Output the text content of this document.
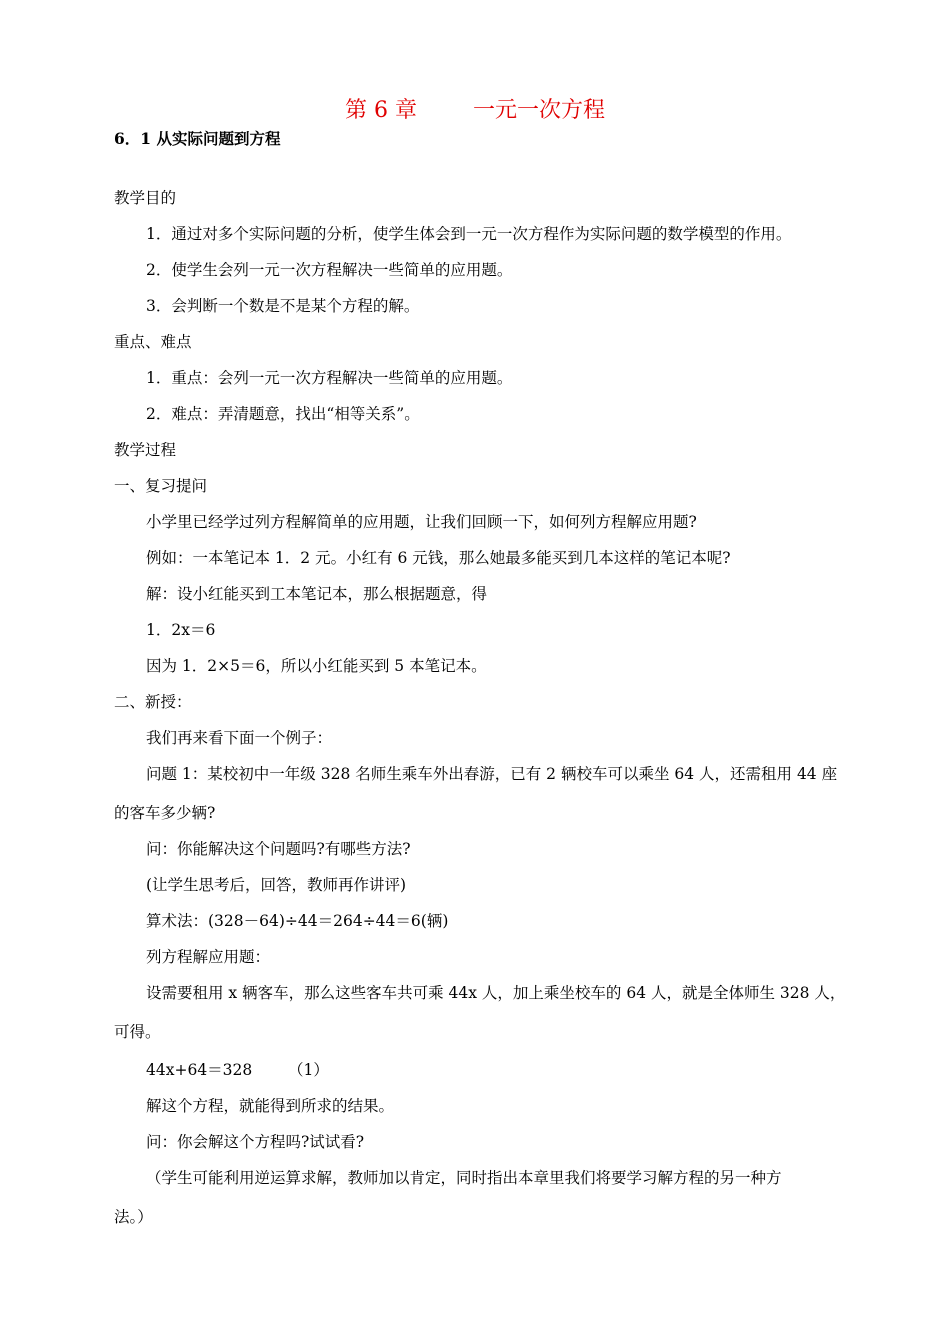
第 6 章        一元一次方程
6．1 从实际问题到方程
教学目的
1．通过对多个实际问题的分析，使学生体会到一元一次方程作为实际问题的数学模型的作用。
2．使学生会列一元一次方程解决一些简单的应用题。
3．会判断一个数是不是某个方程的解。
重点、难点
1．重点：会列一元一次方程解决一些简单的应用题。
2．难点：弄清题意，找出“相等关系”。
教学过程
一、复习提问
小学里已经学过列方程解简单的应用题，让我们回顾一下，如何列方程解应用题?
例如：一本笔记本 1．2 元。小红有 6 元钱，那么她最多能买到几本这样的笔记本呢?
解：设小红能买到工本笔记本，那么根据题意，得
1．2x＝6
因为 1．2×5＝6，所以小红能买到 5 本笔记本。
二、新授：
我们再来看下面一个例子：
问题 1：某校初中一年级 328 名师生乘车外出春游，已有 2 辆校车可以乘坐 64 人，还需租用 44 座
的客车多少辆?
问：你能解决这个问题吗?有哪些方法?
(让学生思考后，回答，教师再作讲评)
算术法：(328－64)÷44＝264÷44＝6(辆)
列方程解应用题：
设需要租用 x 辆客车，那么这些客车共可乘 44x 人，加上乘坐校车的 64 人，就是全体师生 328 人，
可得。
44x+64＝328 （1）
解这个方程，就能得到所求的结果。
问：你会解这个方程吗?试试看?
（学生可能利用逆运算求解，教师加以肯定，同时指出本章里我们将要学习解方程的另一种方
法。）
